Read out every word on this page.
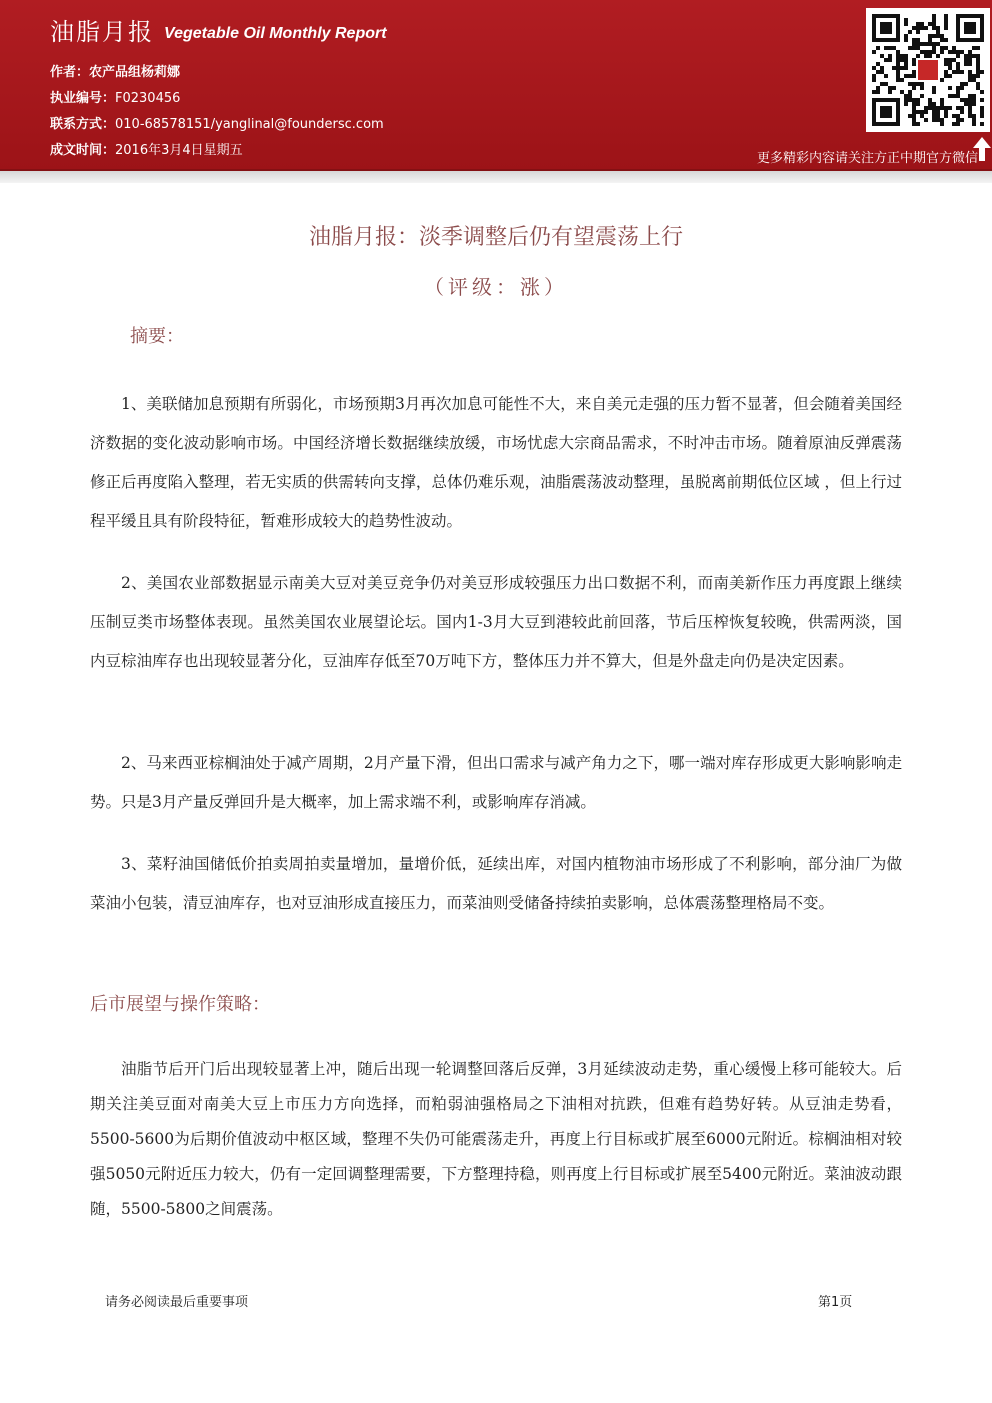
油脂月报 Vegetable Oil Monthly Report
作者：农产品组杨莉娜
执业编号：F0230456
联系方式：010-68578151/yanglinal@foundersc.com
成文时间：2016年3月4日星期五
更多精彩内容请关注方正中期官方微信
油脂月报：淡季调整后仍有望震荡上行
（评级：涨）
摘要：

1、美联储加息预期有所弱化，市场预期3月再次加息可能性不大，来自美元走强的压力暂不显著，但会随着美国经济数据的变化波动影响市场。中国经济增长数据继续放缓，市场忧虑大宗商品需求，不时冲击市场。随着原油反弹震荡修正后再度陷入整理，若无实质的供需转向支撑，总体仍难乐观，油脂震荡波动整理，虽脱离前期低位区域 ，但上行过程平缓且具有阶段特征，暂难形成较大的趋势性波动。

2、美国农业部数据显示南美大豆对美豆竞争仍对美豆形成较强压力出口数据不利，而南美新作压力再度跟上继续压制豆类市场整体表现。虽然美国农业展望论坛。国内1-3月大豆到港较此前回落，节后压榨恢复较晚，供需两淡，国内豆棕油库存也出现较显著分化，豆油库存低至70万吨下方，整体压力并不算大，但是外盘走向仍是决定因素。

2、马来西亚棕榈油处于减产周期，2月产量下滑，但出口需求与减产角力之下，哪一端对库存形成更大影响影响走势。只是3月产量反弹回升是大概率，加上需求端不利，或影响库存消减。

3、菜籽油国储低价拍卖周拍卖量增加，量增价低，延续出库，对国内植物油市场形成了不利影响，部分油厂为做菜油小包装，清豆油库存，也对豆油形成直接压力，而菜油则受储备持续拍卖影响，总体震荡整理格局不变。

后市展望与操作策略：

油脂节后开门后出现较显著上冲，随后出现一轮调整回落后反弹，3月延续波动走势，重心缓慢上移可能较大。后期关注美豆面对南美大豆上市压力方向选择，而粕弱油强格局之下油相对抗跌，但难有趋势好转。从豆油走势看，5500-5600为后期价值波动中枢区域，整理不失仍可能震荡走升，再度上行目标或扩展至6000元附近。棕榈油相对较强5050元附近压力较大，仍有一定回调整理需要，下方整理持稳，则再度上行目标或扩展至5400元附近。菜油波动跟随，5500-5800之间震荡。

请务必阅读最后重要事项	第1页
